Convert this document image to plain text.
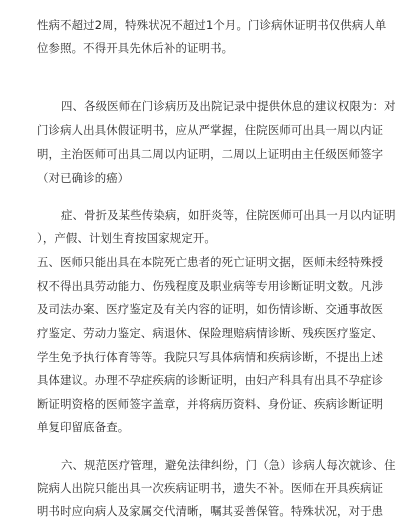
性病不超过2周，特殊状况不超过1个月。门诊病休证明书仅供病人单
位参照。不得开具先休后补的证明书。
四、各级医师在门诊病历及出院记录中提供休息的建议权限为：对
门诊病人出具休假证明书，应从严掌握，住院医师可出具一周以内证
明，主治医师可出具二周以内证明，二周以上证明由主任级医师签字
（对已确诊的癌）
症、骨折及某些传染病，如肝炎等，住院医师可出具一月以内证明
），产假、计划生育按国家规定开。
五、医师只能出具在本院死亡患者的死亡证明文据，医师未经特殊授
权不得出具劳动能力、伤残程度及职业病等专用诊断证明文数。凡涉
及司法办案、医疗鉴定及有关内容的证明，如伤情诊断、交通事故医
疗鉴定、劳动力鉴定、病退休、保险理赔病情诊断、残疾医疗鉴定、
学生免予执行体育等等。我院只写具体病情和疾病诊断，不提出上述
具体建议。办理不孕症疾病的诊断证明，由妇产科具有出具不孕症诊
断证明资格的医师签字盖章，并将病历资料、身份证、疾病诊断证明
单复印留底备查。
六、规范医疗管理，避免法律纠纷，门（急）诊病人每次就诊、住
院病人出院只能出具一次疾病证明书，遗失不补。医师在开具疾病证
明书时应向病人及家属交代清晰，嘱其妥善保管。特殊状况，对于患
